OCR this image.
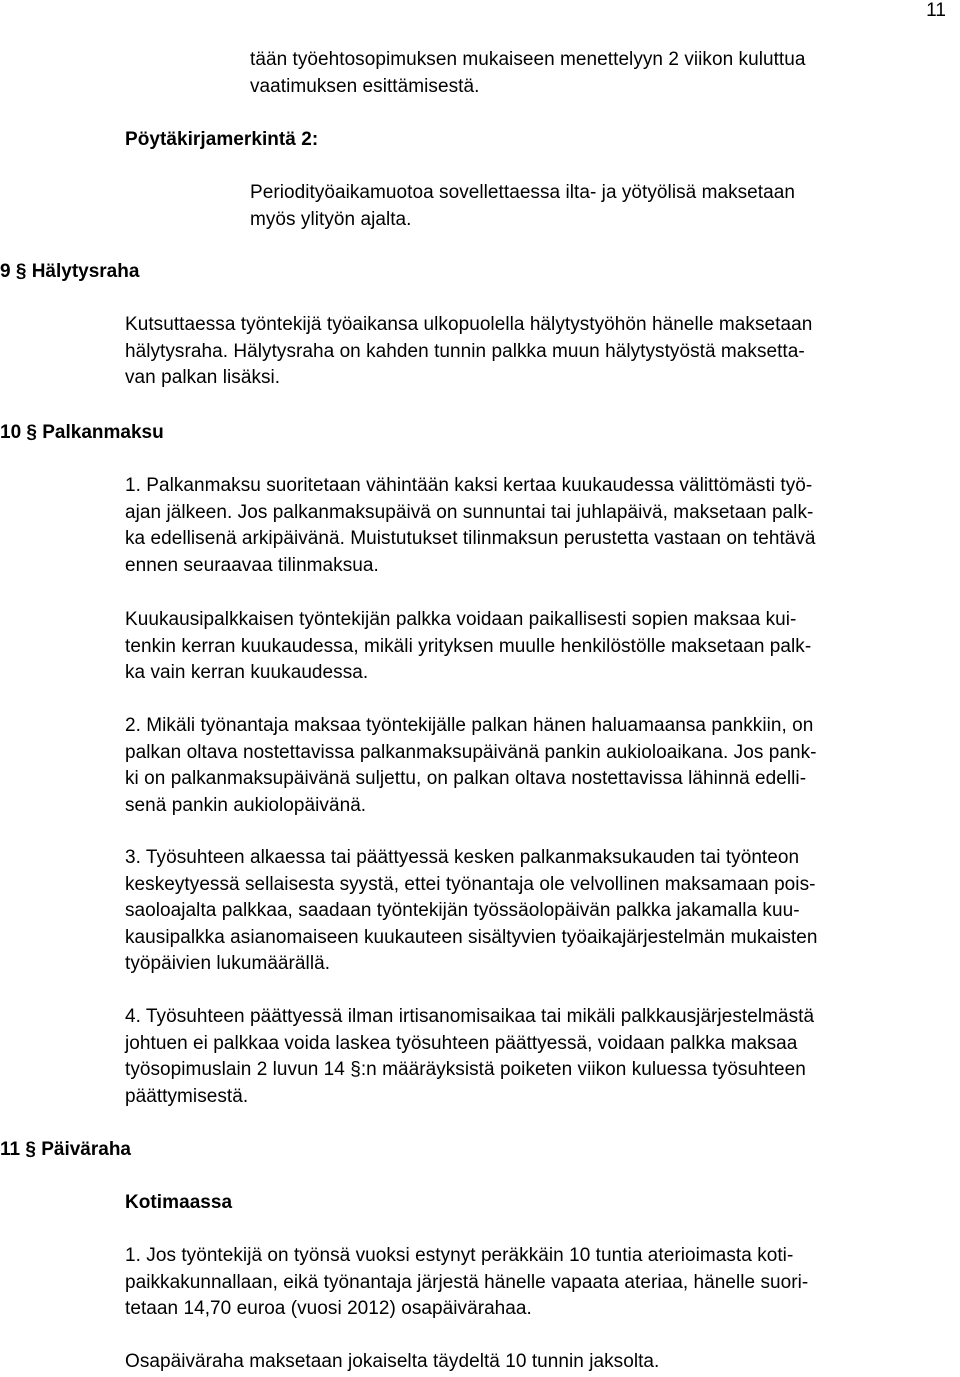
11
tään työehtosopimuksen mukaiseen menettelyyn 2 viikon kuluttua
vaatimuksen esittämisestä.
Pöytäkirjamerkintä 2:
Periodityöaikamuotoa sovellettaessa ilta- ja yötyölisä maksetaan
myös ylityön ajalta.
9 § Hälytysraha
Kutsuttaessa työntekijä työaikansa ulkopuolella hälytystyöhön hänelle maksetaan
hälytysraha. Hälytysraha on kahden tunnin palkka muun hälytystyöstä maksetta-
van palkan lisäksi.
10 § Palkanmaksu
1. Palkanmaksu suoritetaan vähintään kaksi kertaa kuukaudessa välittömästi työ-
ajan jälkeen. Jos palkanmaksupäivä on sunnuntai tai juhlapäivä, maksetaan palk-
ka edellisenä arkipäivänä. Muistutukset tilinmaksun perustetta vastaan on tehtävä
ennen seuraavaa tilinmaksua.
Kuukausipalkkaisen työntekijän palkka voidaan paikallisesti sopien maksaa kui-
tenkin kerran kuukaudessa, mikäli yrityksen muulle henkilöstölle maksetaan palk-
ka vain kerran kuukaudessa.
2. Mikäli työnantaja maksaa työntekijälle palkan hänen haluamaansa pankkiin, on
palkan oltava nostettavissa palkanmaksupäivänä pankin aukioloaikana. Jos pank-
ki on palkanmaksupäivänä suljettu, on palkan oltava nostettavissa lähinnä edelli-
senä pankin aukiolopäivänä.
3. Työsuhteen alkaessa tai päättyessä kesken palkanmaksukauden tai työnteon
keskeytyessä sellaisesta syystä, ettei työnantaja ole velvollinen maksamaan pois-
saoloajalta palkkaa, saadaan työntekijän työssäolopäivän palkka jakamalla kuu-
kausipalkka asianomaiseen kuukauteen sisältyvien työaikajärjestelmän mukaisten
työpäivien lukumäärällä.
4. Työsuhteen päättyessä ilman irtisanomisaikaa tai mikäli palkkausjärjestelmästä
johtuen ei palkkaa voida laskea työsuhteen päättyessä, voidaan palkka maksaa
työsopimuslain 2 luvun 14 §:n määräyksistä poiketen viikon kuluessa työsuhteen
päättymisestä.
11 § Päiväraha
Kotimaassa
1. Jos työntekijä on työnsä vuoksi estynyt peräkkäin 10 tuntia aterioimasta koti-
paikkakunnallaan, eikä työnantaja järjestä hänelle vapaata ateriaa, hänelle suori-
tetaan 14,70 euroa (vuosi 2012) osapäivärahaa.
Osapäiväraha maksetaan jokaiselta täydeltä 10 tunnin jaksolta.
